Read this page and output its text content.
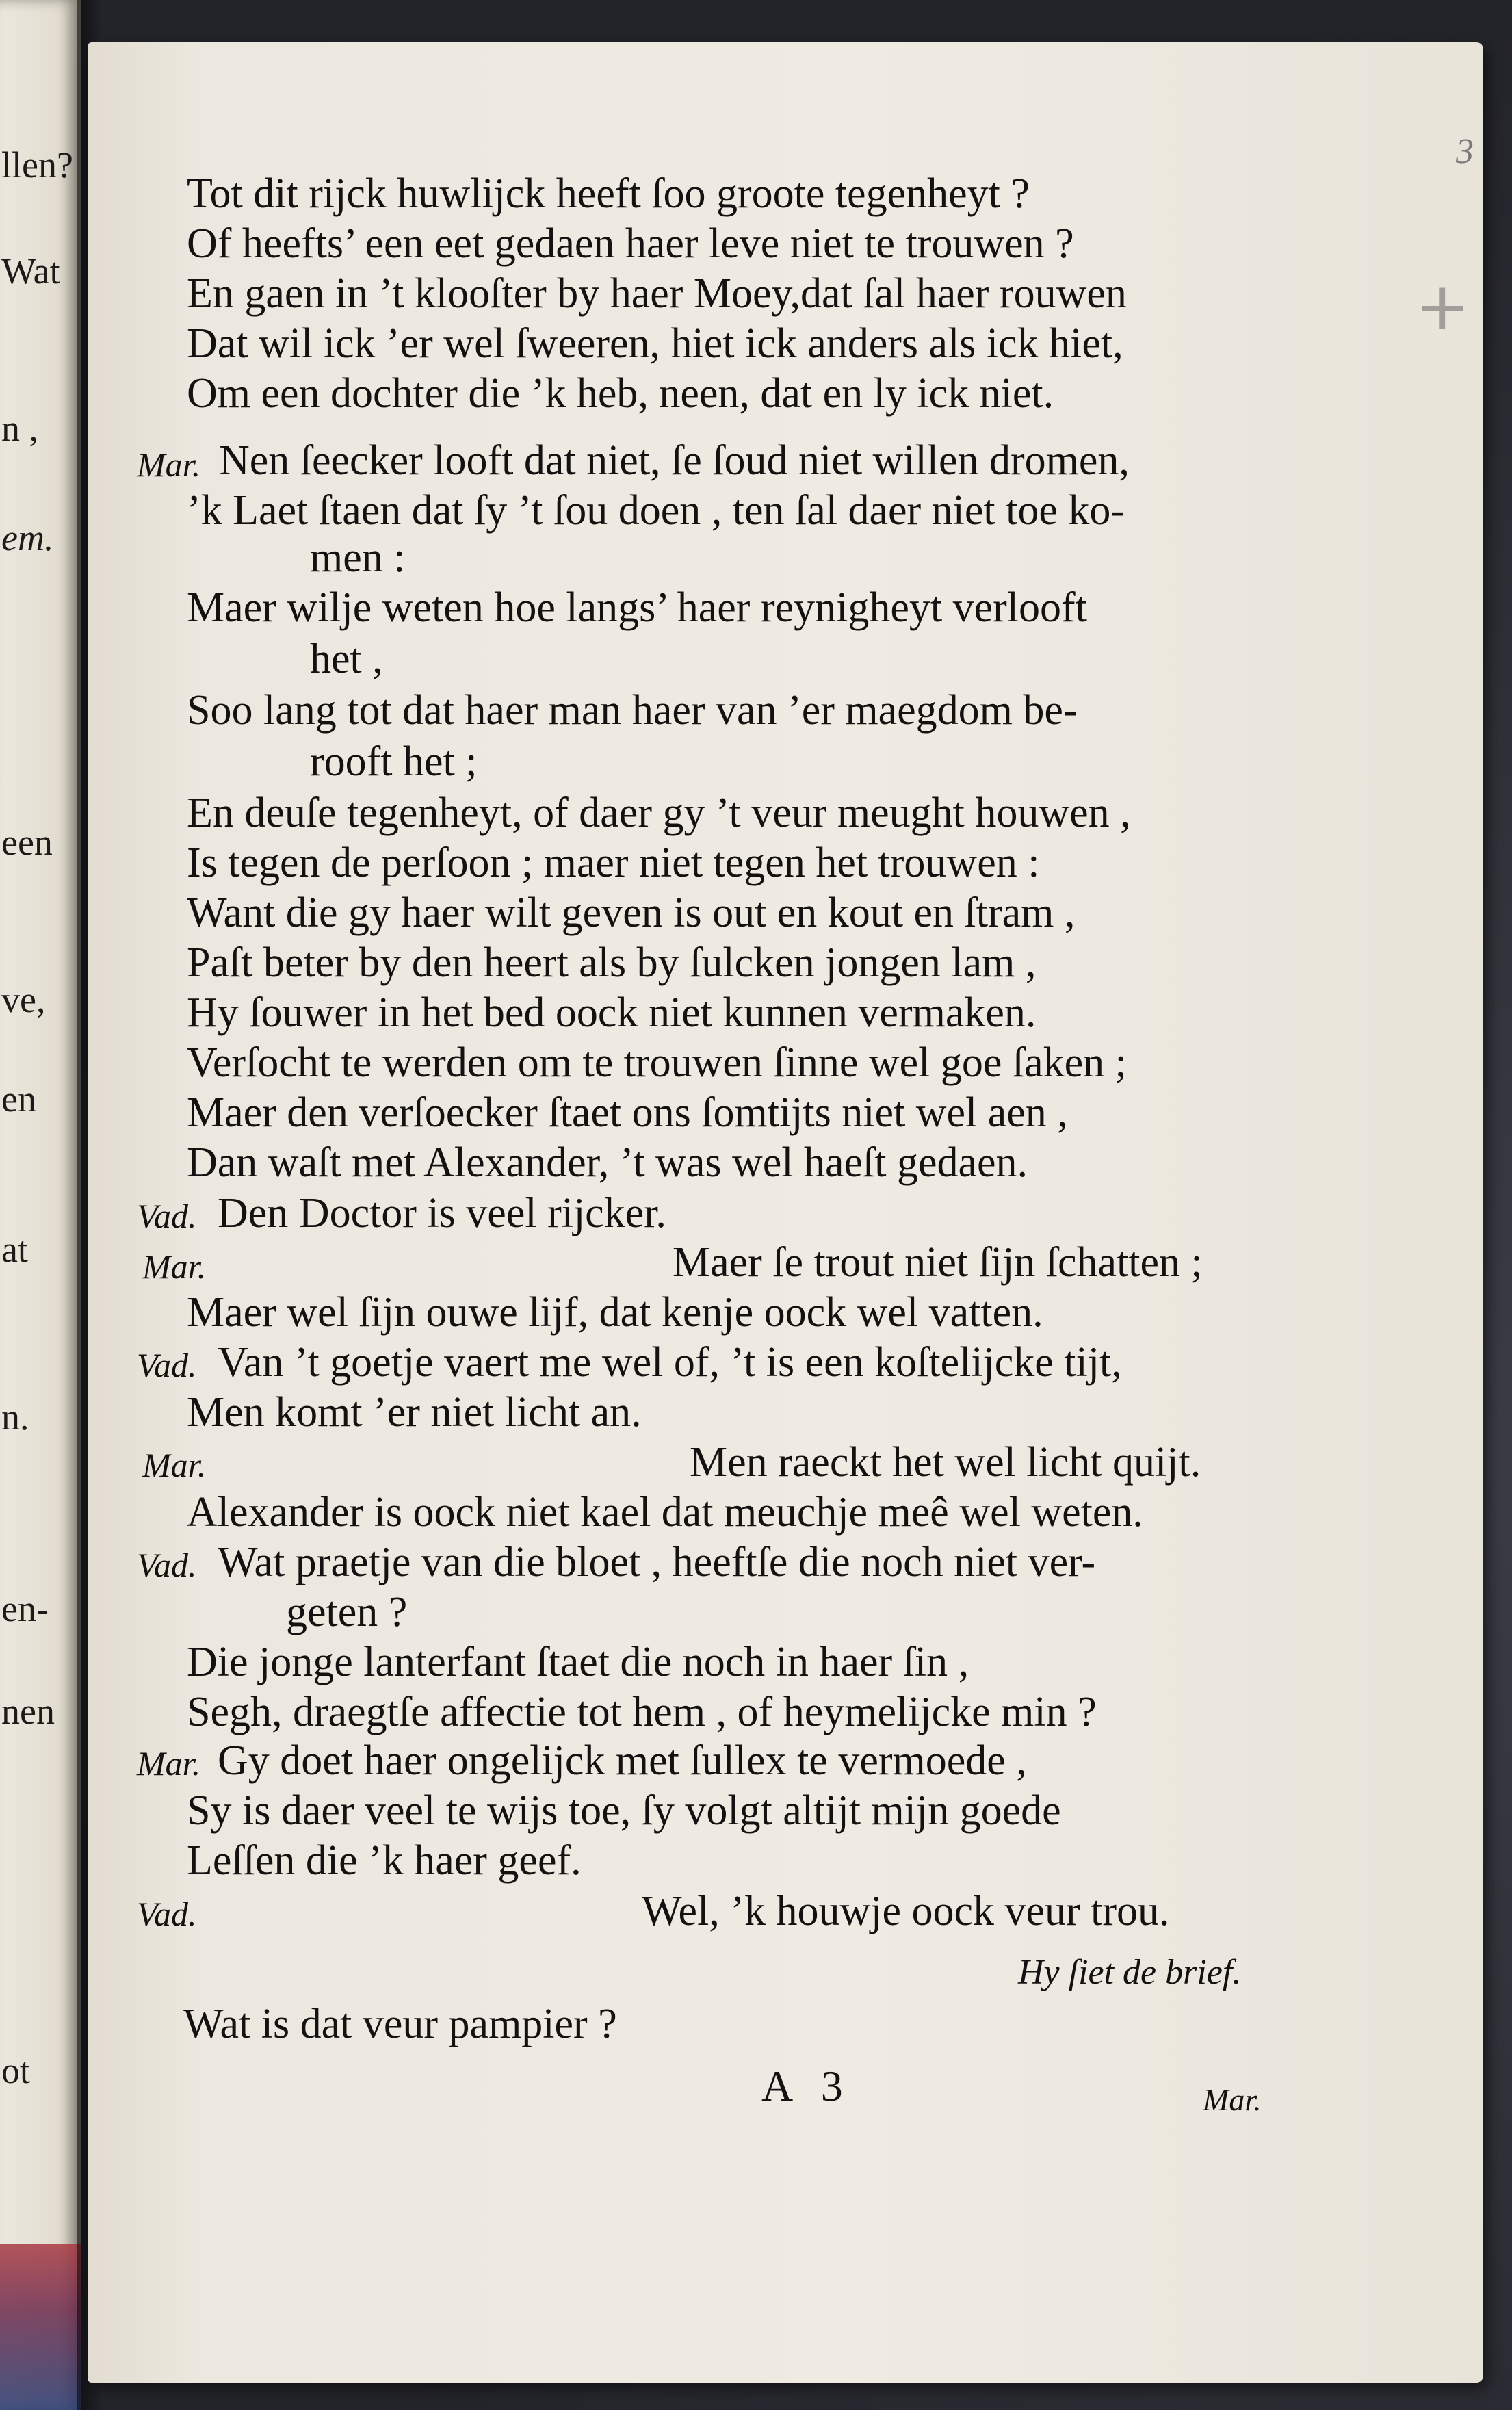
llen?
Wat
n ,
em.
een
ve,
en
at
n.
en-
nen
ot
3
+
Tot dit rijck huwlijck heeft ſoo groote tegenheyt ?
Of heefts’ een eet gedaen haer leve niet te trouwen ?
En gaen in ’t klooſter by haer Moey,dat ſal haer rouwen
Dat wil ick ’er wel ſweeren, hiet ick anders als ick hiet,
Om een dochter die ’k heb, neen, dat en ly ick niet.
Mar. Nen ſeecker looft dat niet, ſe ſoud niet willen dromen,
’k Laet ſtaen dat ſy ’t ſou doen , ten ſal daer niet toe ko-
men :
Maer wilje weten hoe langs’ haer reynigheyt verlooft
het ,
Soo lang tot dat haer man haer van ’er maegdom be-
rooft het ;
En deuſe tegenheyt, of daer gy ’t veur meught houwen ,
Is tegen de perſoon ; maer niet tegen het trouwen :
Want die gy haer wilt geven is out en kout en ſtram ,
Paſt beter by den heert als by ſulcken jongen lam ,
Hy ſouwer in het bed oock niet kunnen vermaken.
Verſocht te werden om te trouwen ſinne wel goe ſaken ;
Maer den verſoecker ſtaet ons ſomtijts niet wel aen ,
Dan waſt met Alexander, ’t was wel haeſt gedaen.
Vad. Den Doctor is veel rijcker.
Mar.	Maer ſe trout niet ſijn ſchatten ;
Maer wel ſijn ouwe lijf, dat kenje oock wel vatten.
Vad. Van ’t goetje vaert me wel of, ’t is een koſtelijcke tijt,
Men komt ’er niet licht an.
Mar.	Men raeckt het wel licht quijt.
Alexander is oock niet kael dat meuchje meê wel weten.
Vad. Wat praetje van die bloet , heeftſe die noch niet ver-
geten ?
Die jonge lanterfant ſtaet die noch in haer ſin ,
Segh, draegtſe affectie tot hem , of heymelijcke min ?
Mar. Gy doet haer ongelijck met ſullex te vermoede ,
Sy is daer veel te wijs toe, ſy volgt altijt mijn goede
Leſſen die ’k haer geef.
Vad.	Wel, ’k houwje oock veur trou.
Hy ſiet de brief.
Wat is dat veur pampier ?
A 3	Mar.
